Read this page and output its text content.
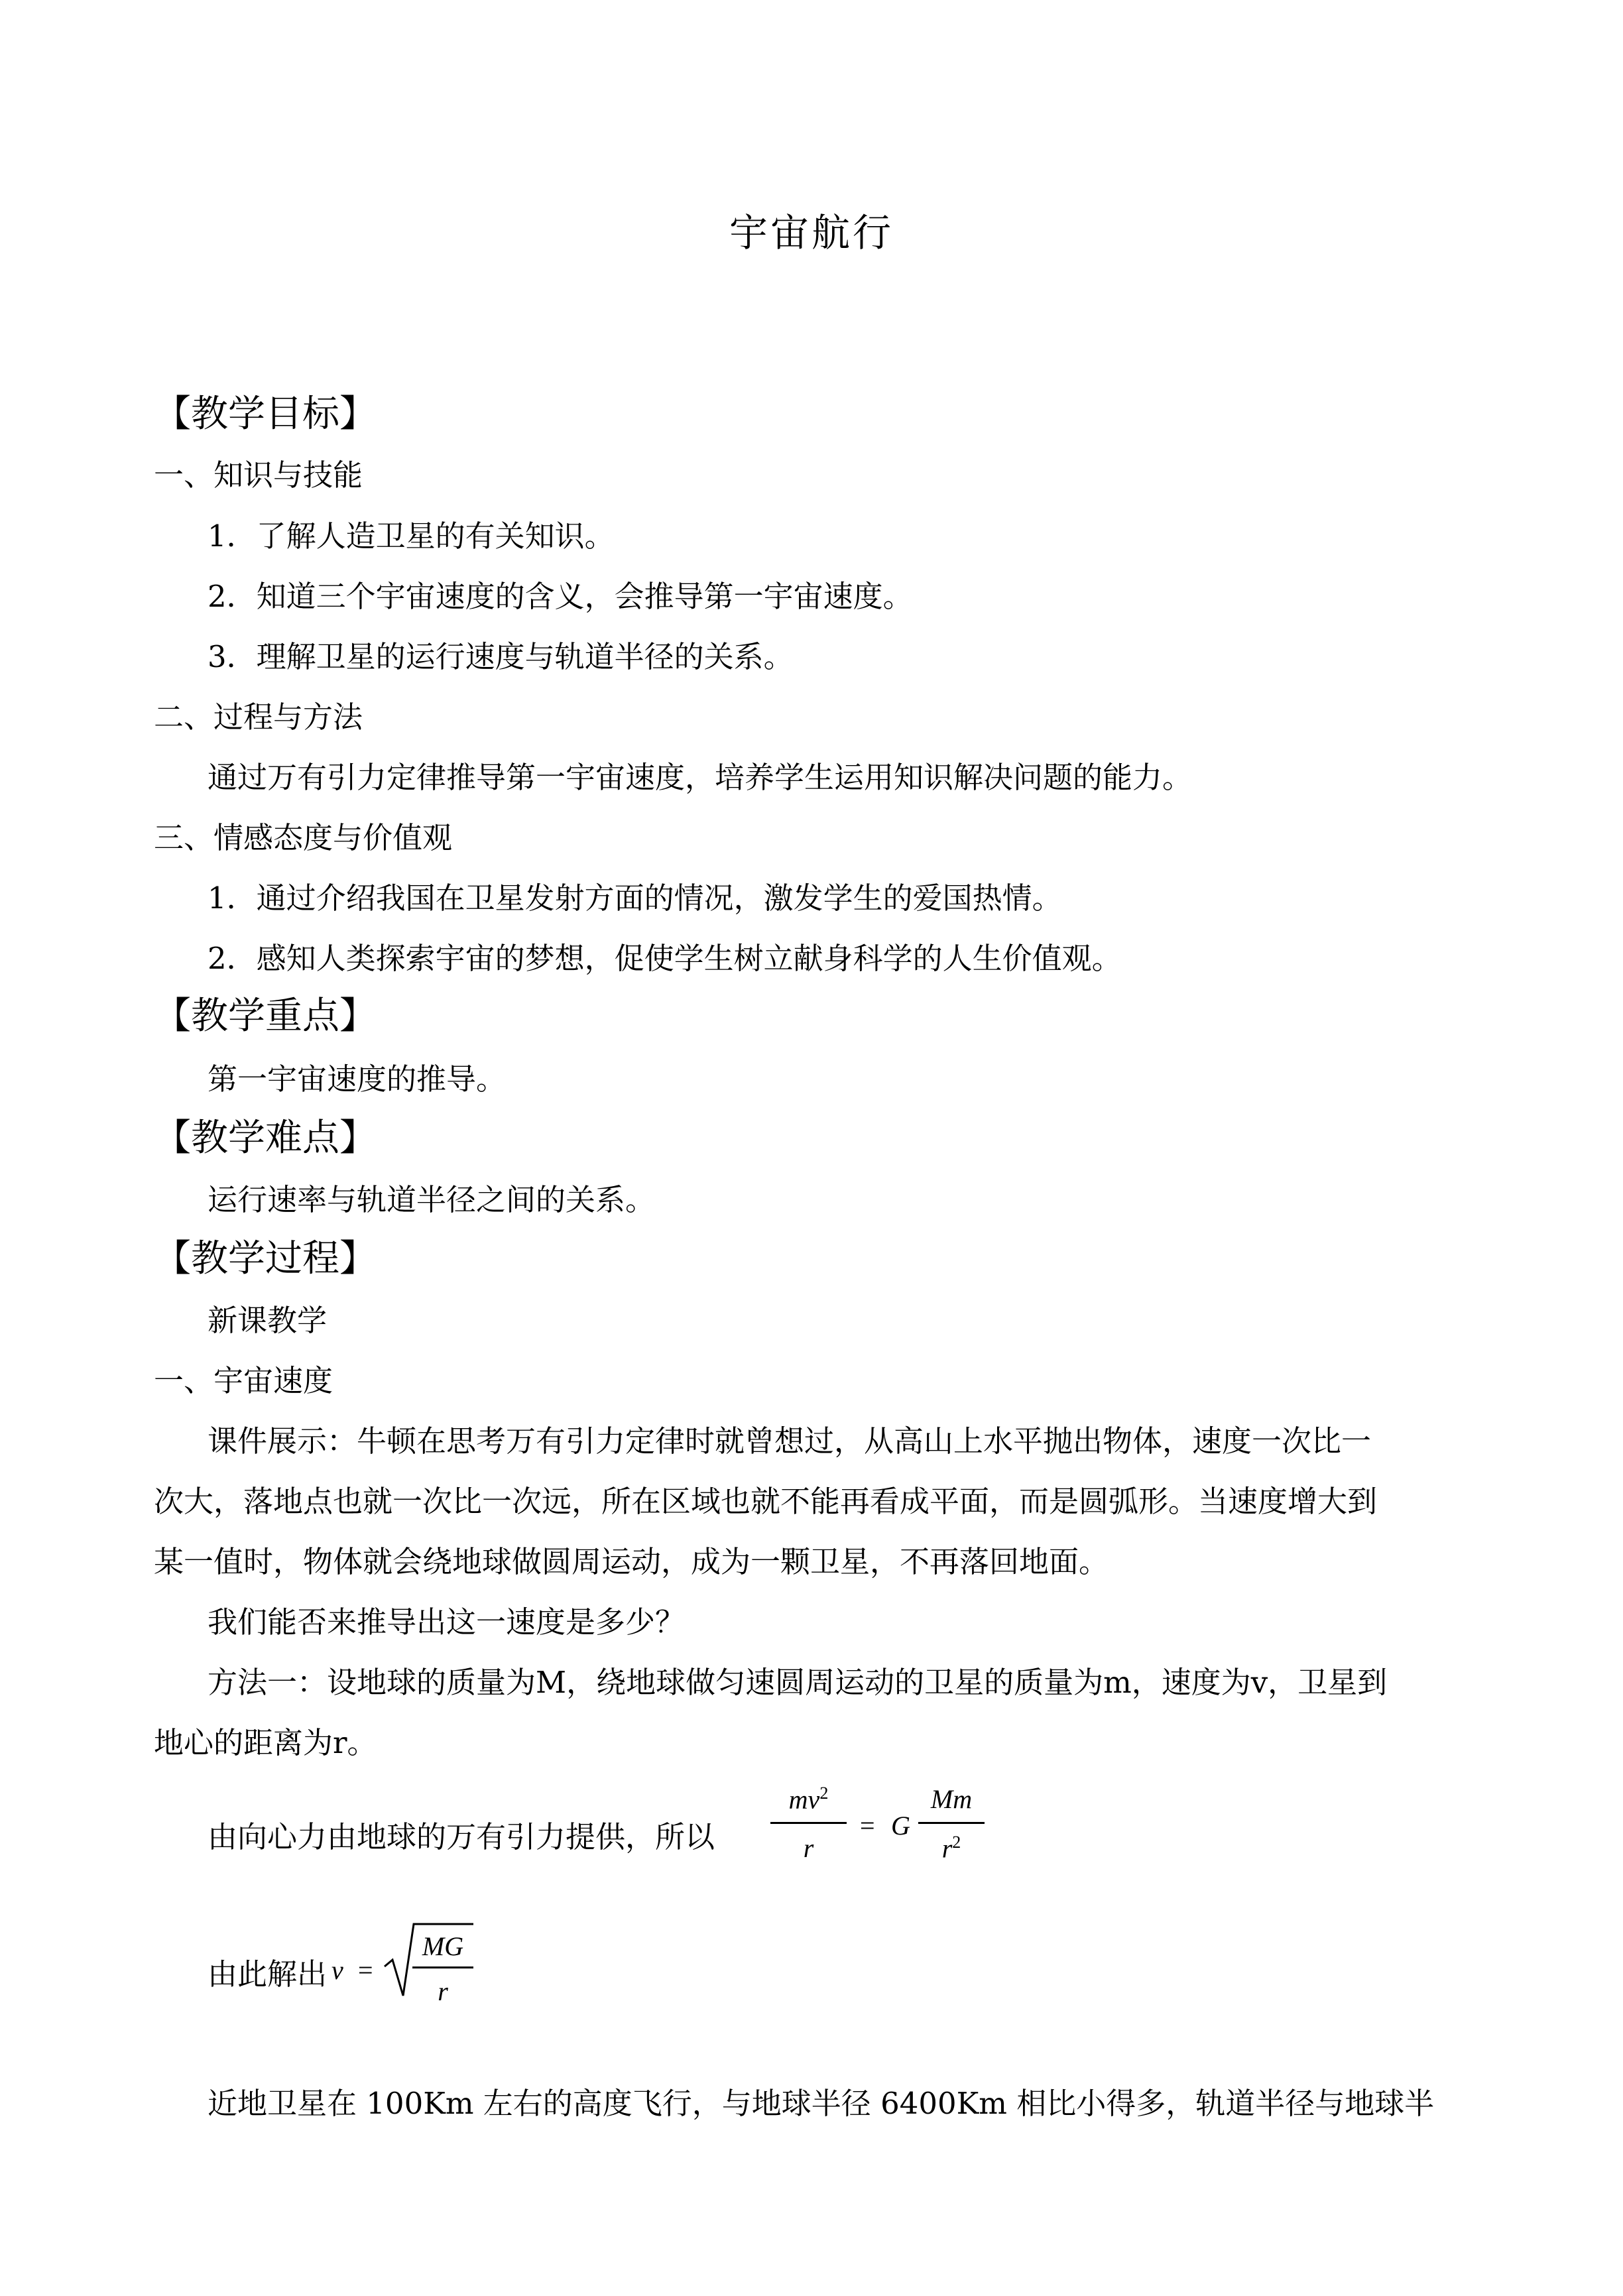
宇宙航行
【教学目标】
一、知识与技能
1．了解人造卫星的有关知识。
2．知道三个宇宙速度的含义，会推导第一宇宙速度。
3．理解卫星的运行速度与轨道半径的关系。
二、过程与方法
通过万有引力定律推导第一宇宙速度，培养学生运用知识解决问题的能力。
三、情感态度与价值观
1．通过介绍我国在卫星发射方面的情况，激发学生的爱国热情。
2．感知人类探索宇宙的梦想，促使学生树立献身科学的人生价值观。
【教学重点】
第一宇宙速度的推导。
【教学难点】
运行速率与轨道半径之间的关系。
【教学过程】
新课教学
一、宇宙速度
课件展示：牛顿在思考万有引力定律时就曾想过，从高山上水平抛出物体，速度一次比一
次大，落地点也就一次比一次远，所在区域也就不能再看成平面，而是圆弧形。当速度增大到
某一值时，物体就会绕地球做圆周运动，成为一颗卫星，不再落回地面。
我们能否来推导出这一速度是多少？
方法一：设地球的质量为M，绕地球做匀速圆周运动的卫星的质量为m，速度为v，卫星到
地心的距离为r。
由向心力由地球的万有引力提供，所以
$mv^2$
r
= G
Mm
$r^2$
由此解出 v =
MG
r
近地卫星在 100Km 左右的高度飞行，与地球半径 6400Km 相比小得多，轨道半径与地球半
